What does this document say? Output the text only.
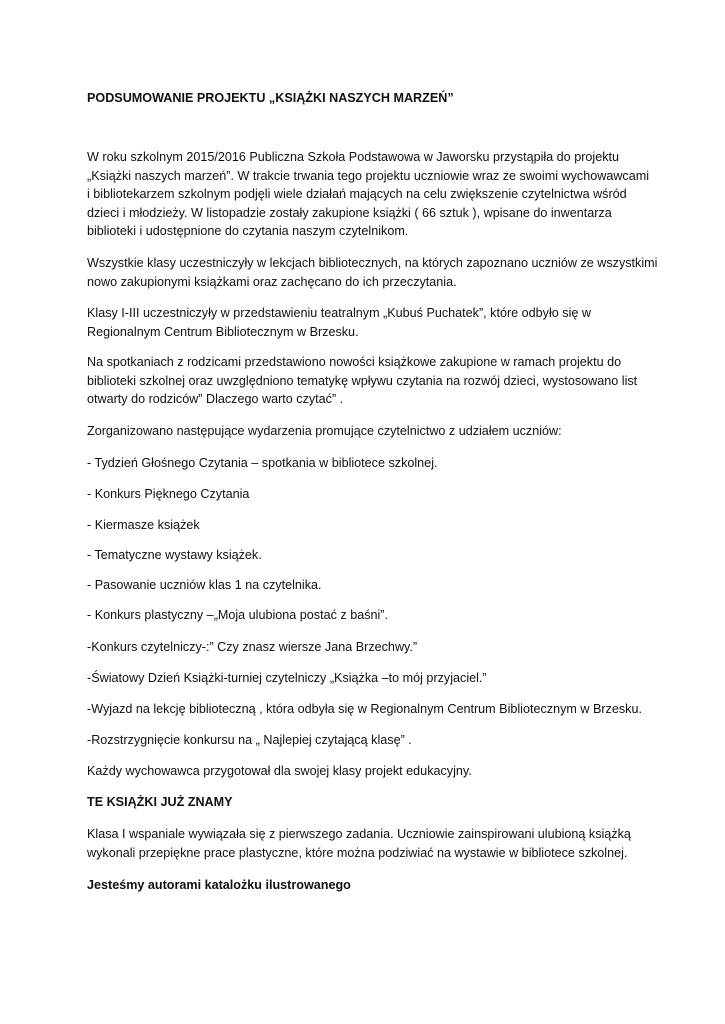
PODSUMOWANIE PROJEKTU „KSIĄŻKI NASZYCH MARZEŃ”
W roku szkolnym 2015/2016 Publiczna Szkoła Podstawowa w Jaworsku przystąpiła do projektu
„Książki naszych marzeń”. W trakcie trwania tego projektu uczniowie wraz ze swoimi wychowawcami
i bibliotekarzem szkolnym podjęli wiele działań mających na celu zwiększenie czytelnictwa wśród
dzieci i młodzieży. W listopadzie zostały zakupione książki ( 66 sztuk ), wpisane do inwentarza
biblioteki i udostępnione do czytania naszym czytelnikom.
Wszystkie klasy uczestniczyły w lekcjach bibliotecznych, na których zapoznano uczniów ze wszystkimi
nowo zakupionymi książkami oraz zachęcano do ich przeczytania.
Klasy I-III uczestniczyły w przedstawieniu teatralnym „Kubuś Puchatek”, które odbyło się w
Regionalnym Centrum Bibliotecznym w Brzesku.
Na spotkaniach z rodzicami przedstawiono nowości książkowe zakupione w ramach projektu do
biblioteki szkolnej oraz uwzględniono tematykę wpływu czytania na rozwój dzieci, wystosowano list
otwarty do rodziców” Dlaczego warto czytać” .
Zorganizowano następujące wydarzenia promujące czytelnictwo z udziałem uczniów:
- Tydzień Głośnego Czytania – spotkania w bibliotece szkolnej.
- Konkurs Pięknego Czytania
- Kiermasze książek
- Tematyczne wystawy książek.
- Pasowanie uczniów klas 1 na czytelnika.
- Konkurs plastyczny –„Moja ulubiona postać z baśni”.
-Konkurs czytelniczy-:” Czy znasz wiersze Jana Brzechwy.”
-Światowy Dzień Książki-turniej czytelniczy „Książka –to mój przyjaciel.”
-Wyjazd na lekcję biblioteczną , która odbyła się w Regionalnym Centrum Bibliotecznym w Brzesku.
-Rozstrzygnięcie konkursu na „ Najlepiej czytającą klasę” .
Każdy wychowawca przygotował dla swojej klasy projekt edukacyjny.
TE KSIĄŻKI JUŻ ZNAMY
Klasa I wspaniale wywiązała się z pierwszego zadania. Uczniowie zainspirowani ulubioną książką
wykonali przepiękne prace plastyczne, które można podziwiać na wystawie w bibliotece szkolnej.
Jesteśmy autorami katalożku ilustrowanego
